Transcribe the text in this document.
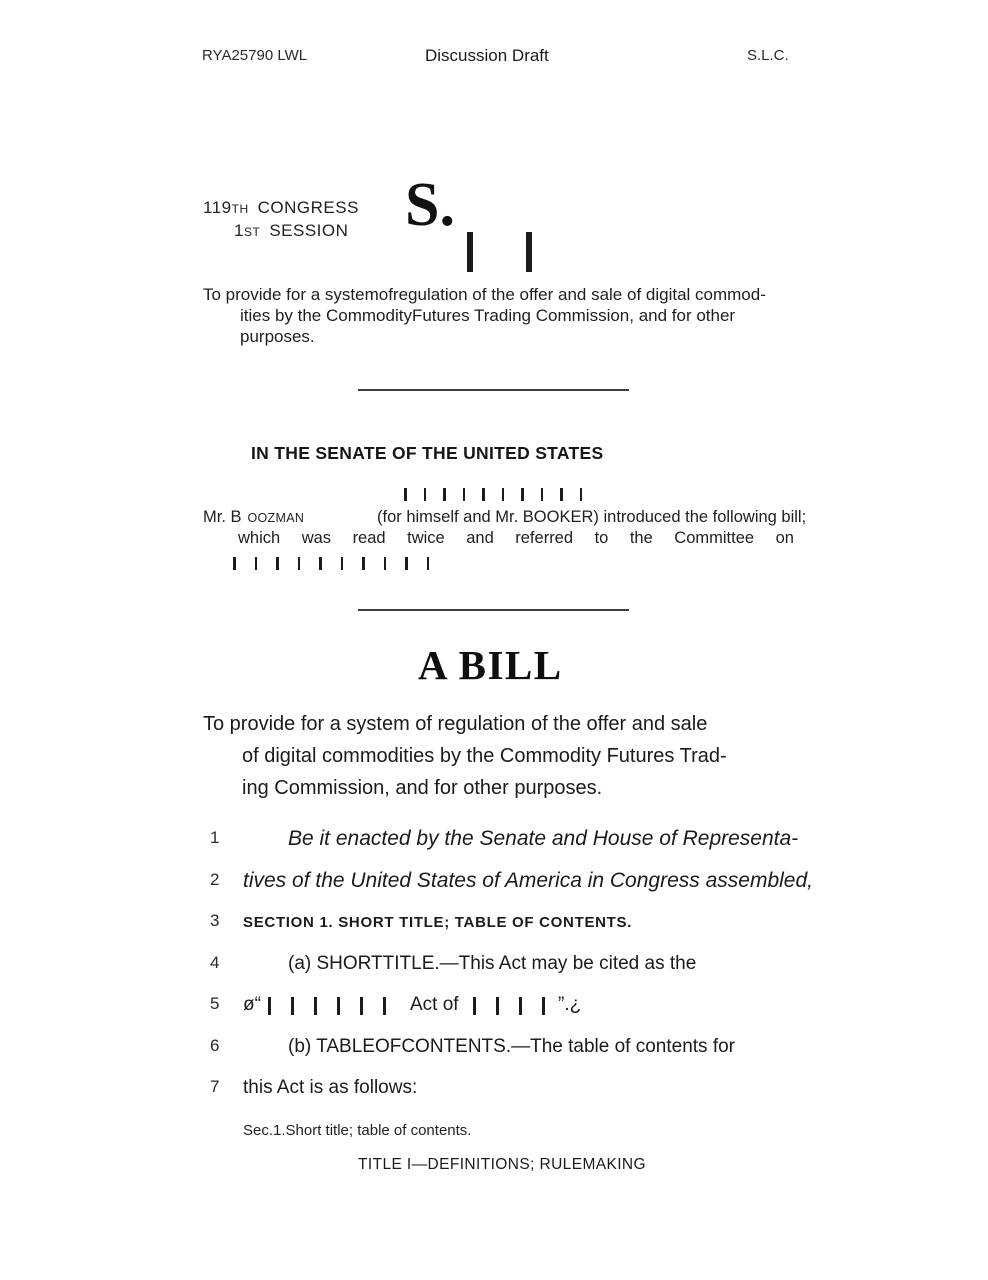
RYA25790 LWL	Discussion Draft	S.L.C.
119TH CONGRESS
1ST SESSION S.
To provide for a systemofregulation of the offer and sale of digital commod-
ities by the CommodityFutures Trading Commission, and for other
purposes.
IN THE SENATE OF THE UNITED STATES
Mr. B OOZMAN	(for himself and Mr. BOOKER) introduced the following bill;
which was read twice and referred to the Committee on
A BILL
To provide for a system of regulation of the offer and sale
of digital commodities by the Commodity Futures Trad-
ing Commission, and for other purposes.
1	Be it enacted by the Senate and House of Representa-
2 tives of the United States of America in Congress assembled,
3 SECTION 1. SHORT TITLE; TABLE OF CONTENTS.
4	(a) SHORTTITLE.—This Act may be cited as the
5 ø“	Act of	”.¿
6	(b) TABLEOFCONTENTS.—The table of contents for
7 this Act is as follows:
Sec.1.Short title; table of contents.
TITLE I—DEFINITIONS; RULEMAKING
